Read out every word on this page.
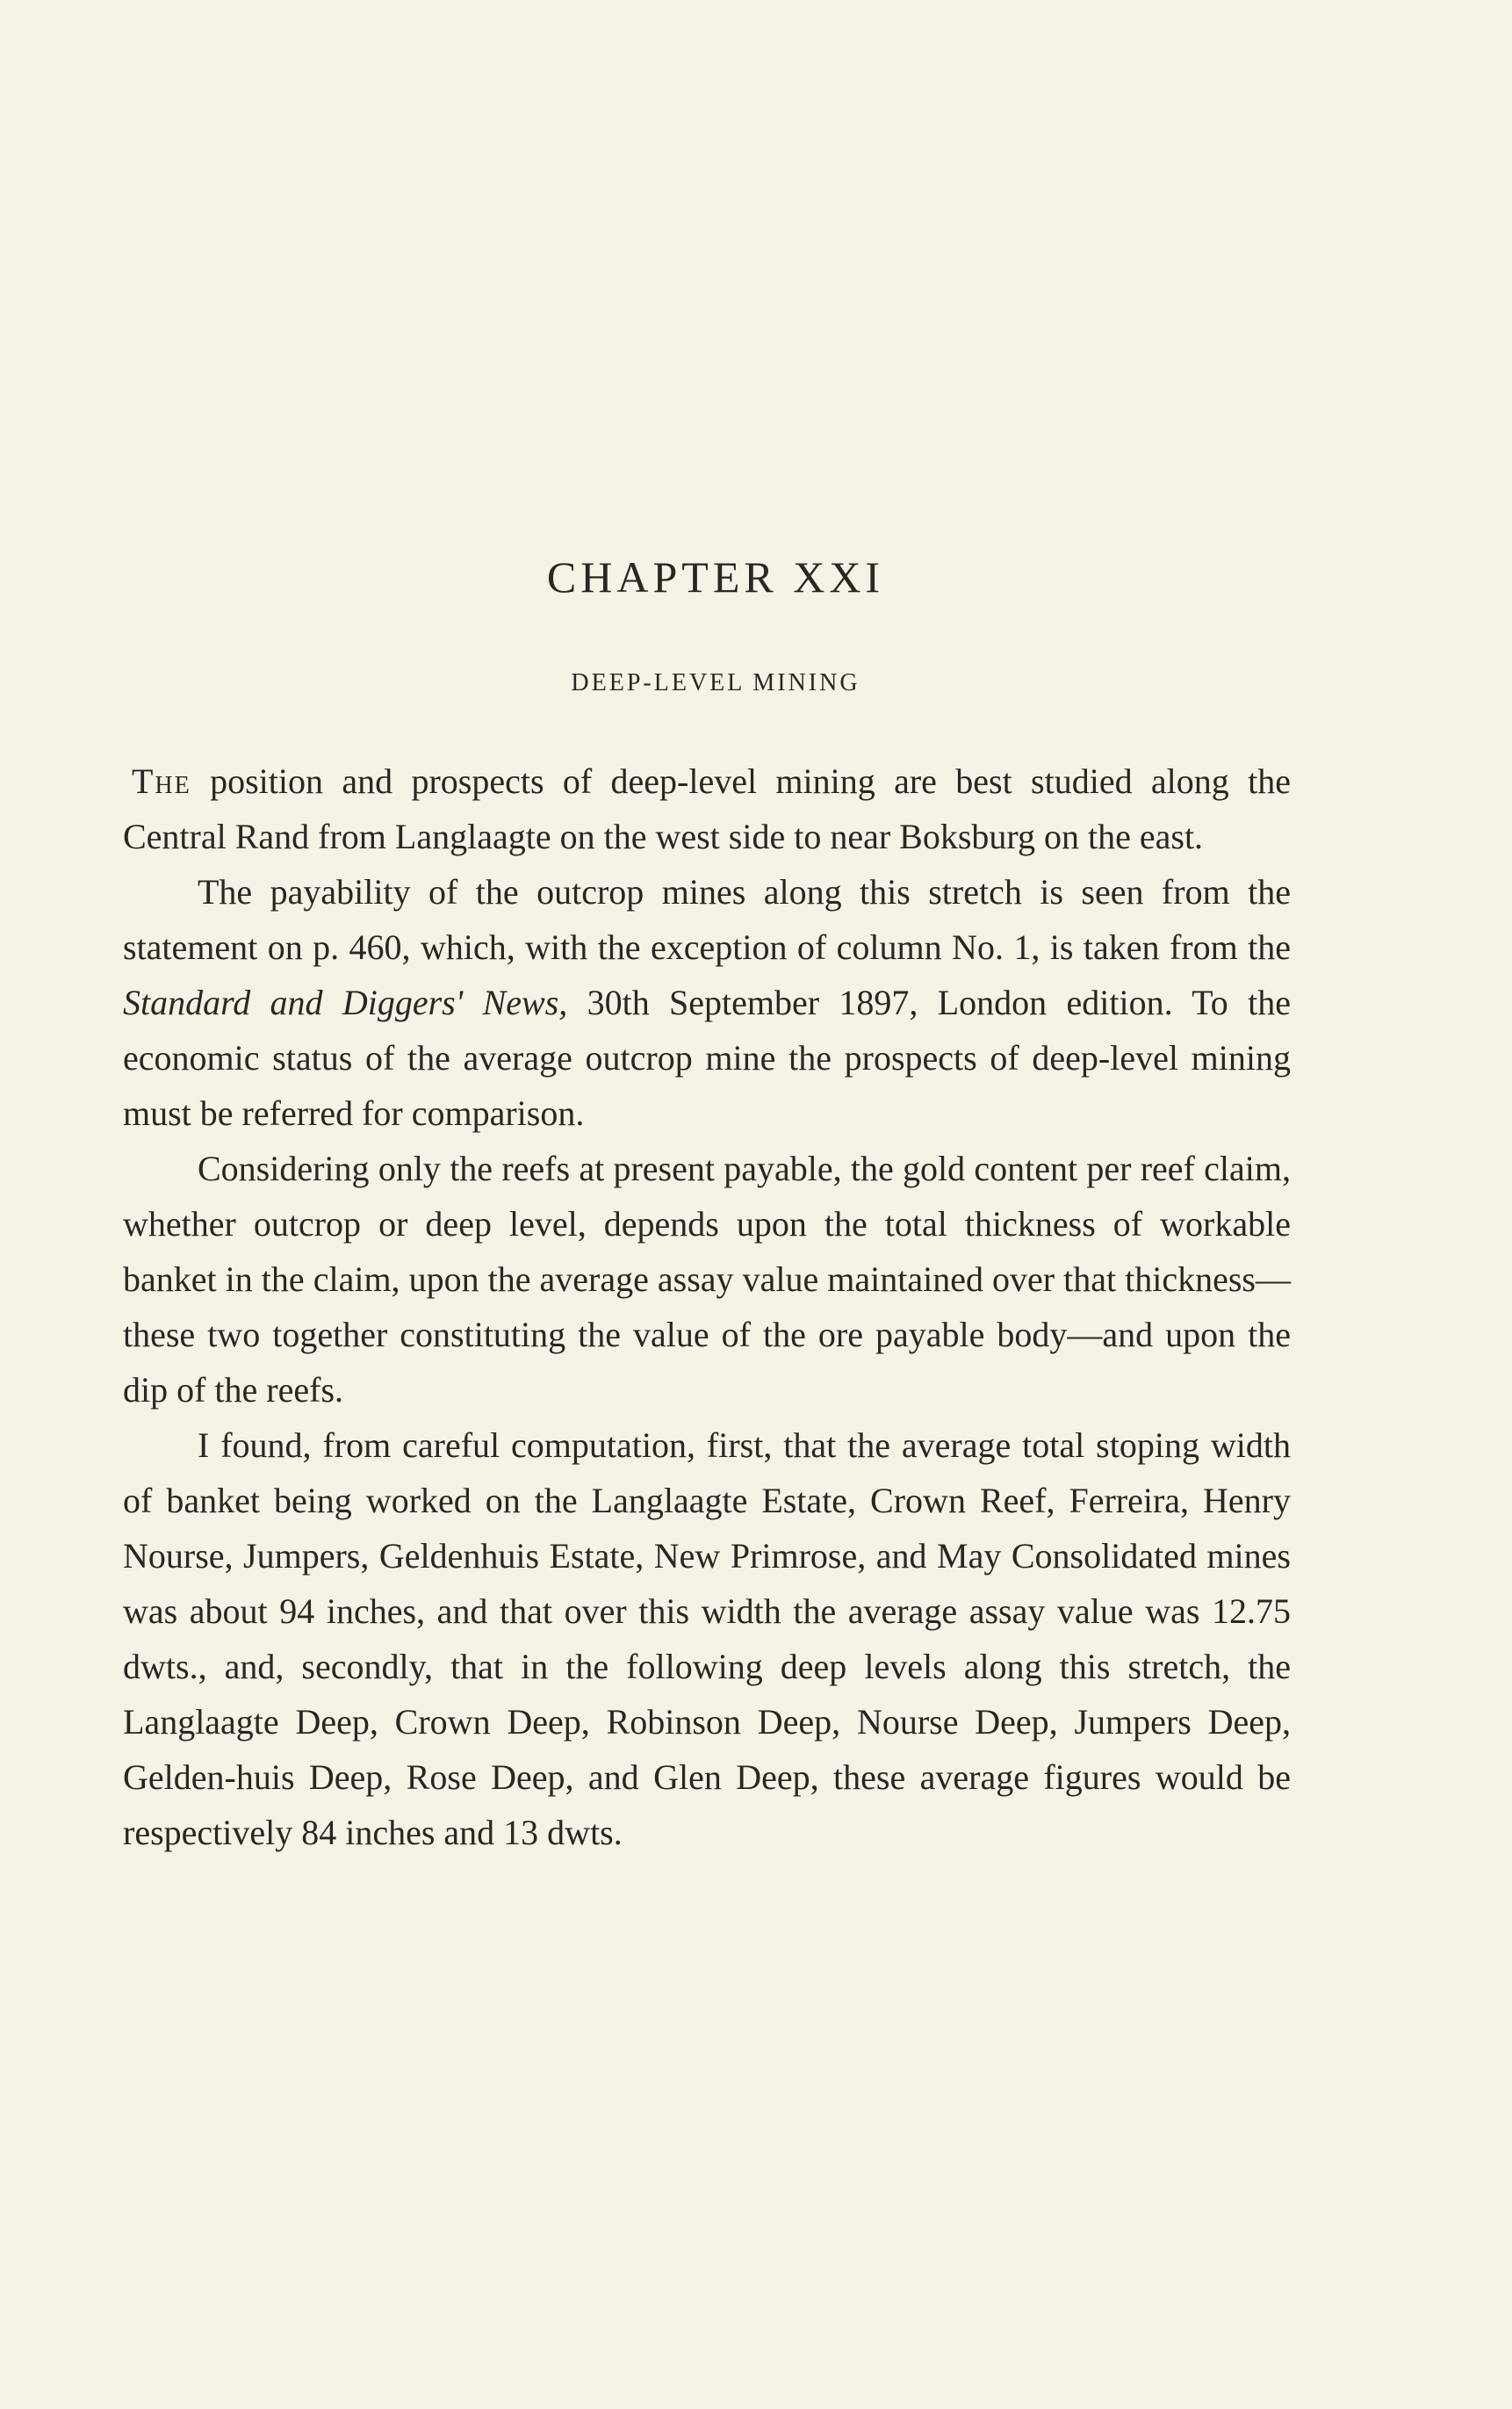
CHAPTER XXI
DEEP-LEVEL MINING

The position and prospects of deep-level mining are best studied along the Central Rand from Langlaagte on the west side to near Boksburg on the east.

The payability of the outcrop mines along this stretch is seen from the statement on p. 460, which, with the exception of column No. 1, is taken from the Standard and Diggers' News, 30th September 1897, London edition. To the economic status of the average outcrop mine the prospects of deep-level mining must be referred for comparison.

Considering only the reefs at present payable, the gold content per reef claim, whether outcrop or deep level, depends upon the total thickness of workable banket in the claim, upon the average assay value maintained over that thickness— these two together constituting the value of the ore payable body—and upon the dip of the reefs.

I found, from careful computation, first, that the average total stoping width of banket being worked on the Langlaagte Estate, Crown Reef, Ferreira, Henry Nourse, Jumpers, Geldenhuis Estate, New Primrose, and May Consolidated mines was about 94 inches, and that over this width the average assay value was 12.75 dwts., and, secondly, that in the following deep levels along this stretch, the Langlaagte Deep, Crown Deep, Robinson Deep, Nourse Deep, Jumpers Deep, Gelden-huis Deep, Rose Deep, and Glen Deep, these average figures would be respectively 84 inches and 13 dwts.
